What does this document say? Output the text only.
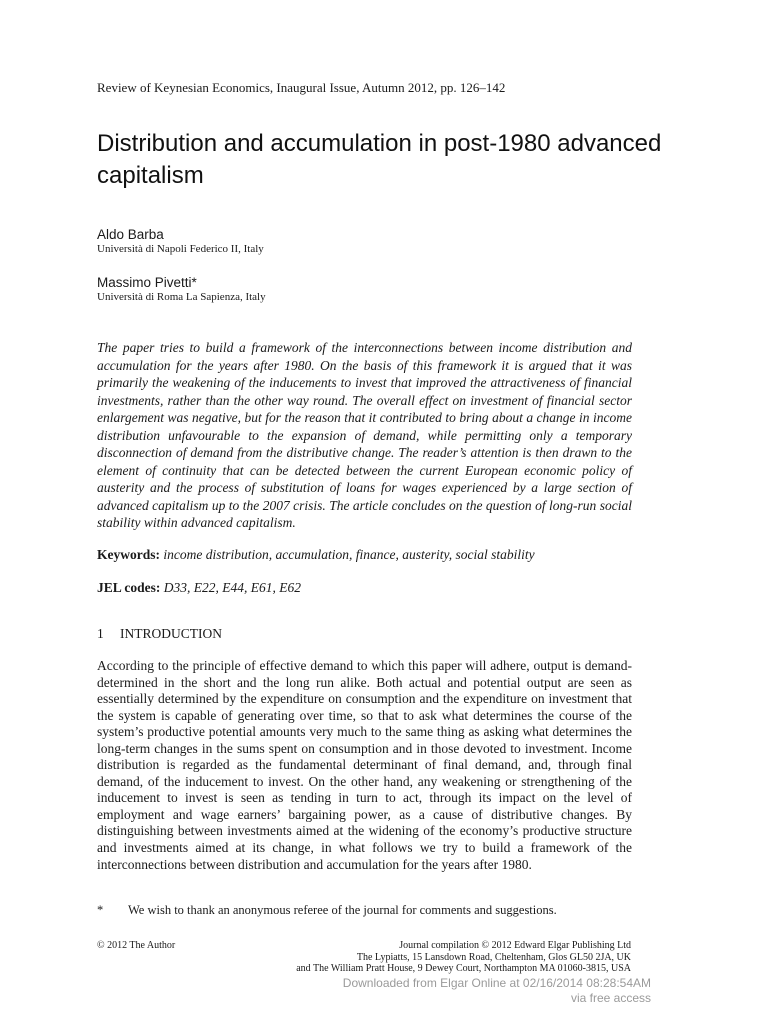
Review of Keynesian Economics, Inaugural Issue, Autumn 2012, pp. 126–142
Distribution and accumulation in post-1980 advanced capitalism
Aldo Barba
Università di Napoli Federico II, Italy
Massimo Pivetti*
Università di Roma La Sapienza, Italy
The paper tries to build a framework of the interconnections between income distribution and accumulation for the years after 1980. On the basis of this framework it is argued that it was primarily the weakening of the inducements to invest that improved the attractiveness of financial investments, rather than the other way round. The overall effect on investment of financial sector enlargement was negative, but for the reason that it contributed to bring about a change in income distribution unfavourable to the expansion of demand, while permitting only a temporary disconnection of demand from the distributive change. The reader’s attention is then drawn to the element of continuity that can be detected between the current European economic policy of austerity and the process of substitution of loans for wages experienced by a large section of advanced capitalism up to the 2007 crisis. The article concludes on the question of long-run social stability within advanced capitalism.
Keywords: income distribution, accumulation, finance, austerity, social stability
JEL codes: D33, E22, E44, E61, E62
1 INTRODUCTION
According to the principle of effective demand to which this paper will adhere, output is demand-determined in the short and the long run alike. Both actual and potential output are seen as essentially determined by the expenditure on consumption and the expenditure on investment that the system is capable of generating over time, so that to ask what determines the course of the system’s productive potential amounts very much to the same thing as asking what determines the long-term changes in the sums spent on consumption and in those devoted to investment. Income distribution is regarded as the fundamental determinant of final demand, and, through final demand, of the inducement to invest. On the other hand, any weakening or strengthening of the inducement to invest is seen as tending in turn to act, through its impact on the level of employment and wage earners’ bargaining power, as a cause of distributive changes. By distinguishing between investments aimed at the widening of the economy’s productive structure and investments aimed at its change, in what follows we try to build a framework of the interconnections between distribution and accumulation for the years after 1980.
* We wish to thank an anonymous referee of the journal for comments and suggestions.
© 2012 The Author	Journal compilation © 2012 Edward Elgar Publishing Ltd
The Lypiatts, 15 Lansdown Road, Cheltenham, Glos GL50 2JA, UK
and The William Pratt House, 9 Dewey Court, Northampton MA 01060-3815, USA
Downloaded from Elgar Online at 02/16/2014 08:28:54AM
via free access
